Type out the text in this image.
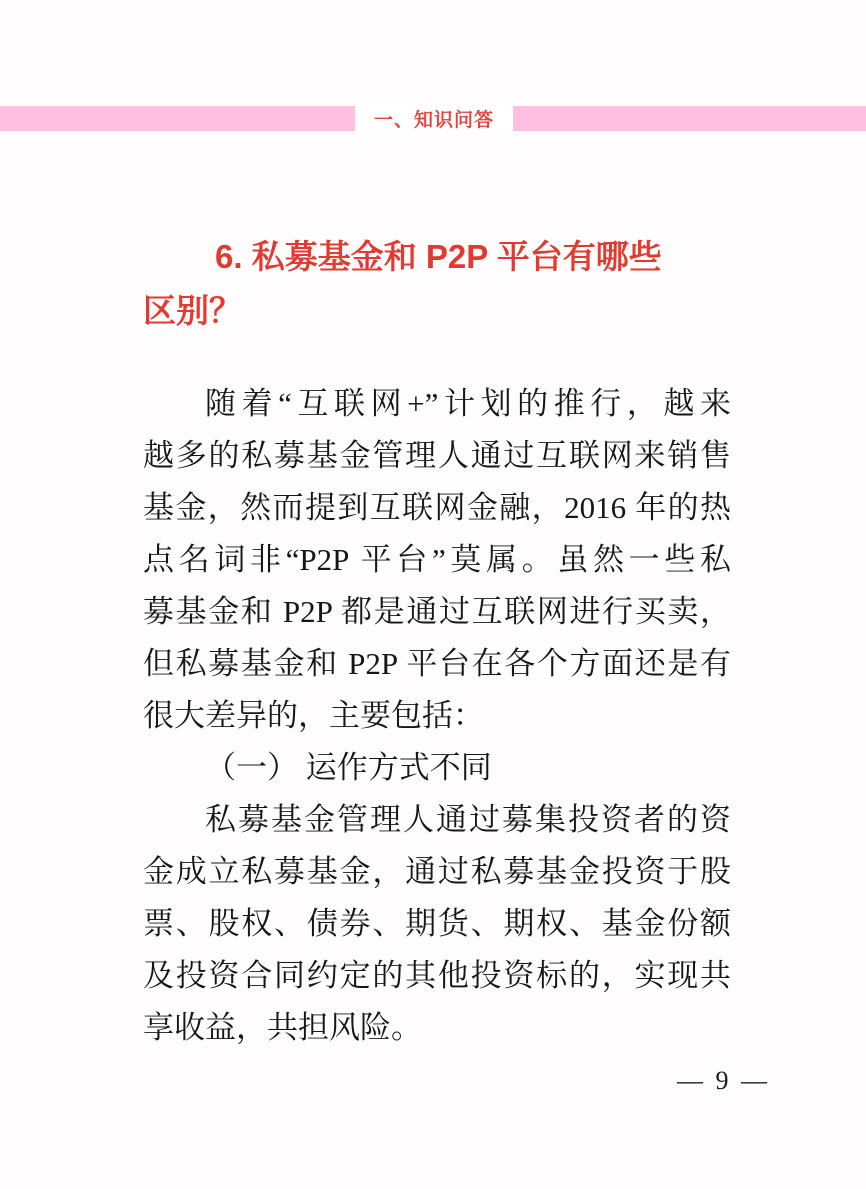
一、知识问答
6. 私募基金和 P2P 平台有哪些
区别？
随着“互联网+”计划的推行，越来
越多的私募基金管理人通过互联网来销售
基金，然而提到互联网金融，2016 年的热
点名词非“P2P 平台”莫属。虽然一些私
募基金和 P2P 都是通过互联网进行买卖，
但私募基金和 P2P 平台在各个方面还是有
很大差异的，主要包括：
（一） 运作方式不同
私募基金管理人通过募集投资者的资
金成立私募基金，通过私募基金投资于股
票、股权、债券、期货、期权、基金份额
及投资合同约定的其他投资标的，实现共
享收益，共担风险。
— 9 —
